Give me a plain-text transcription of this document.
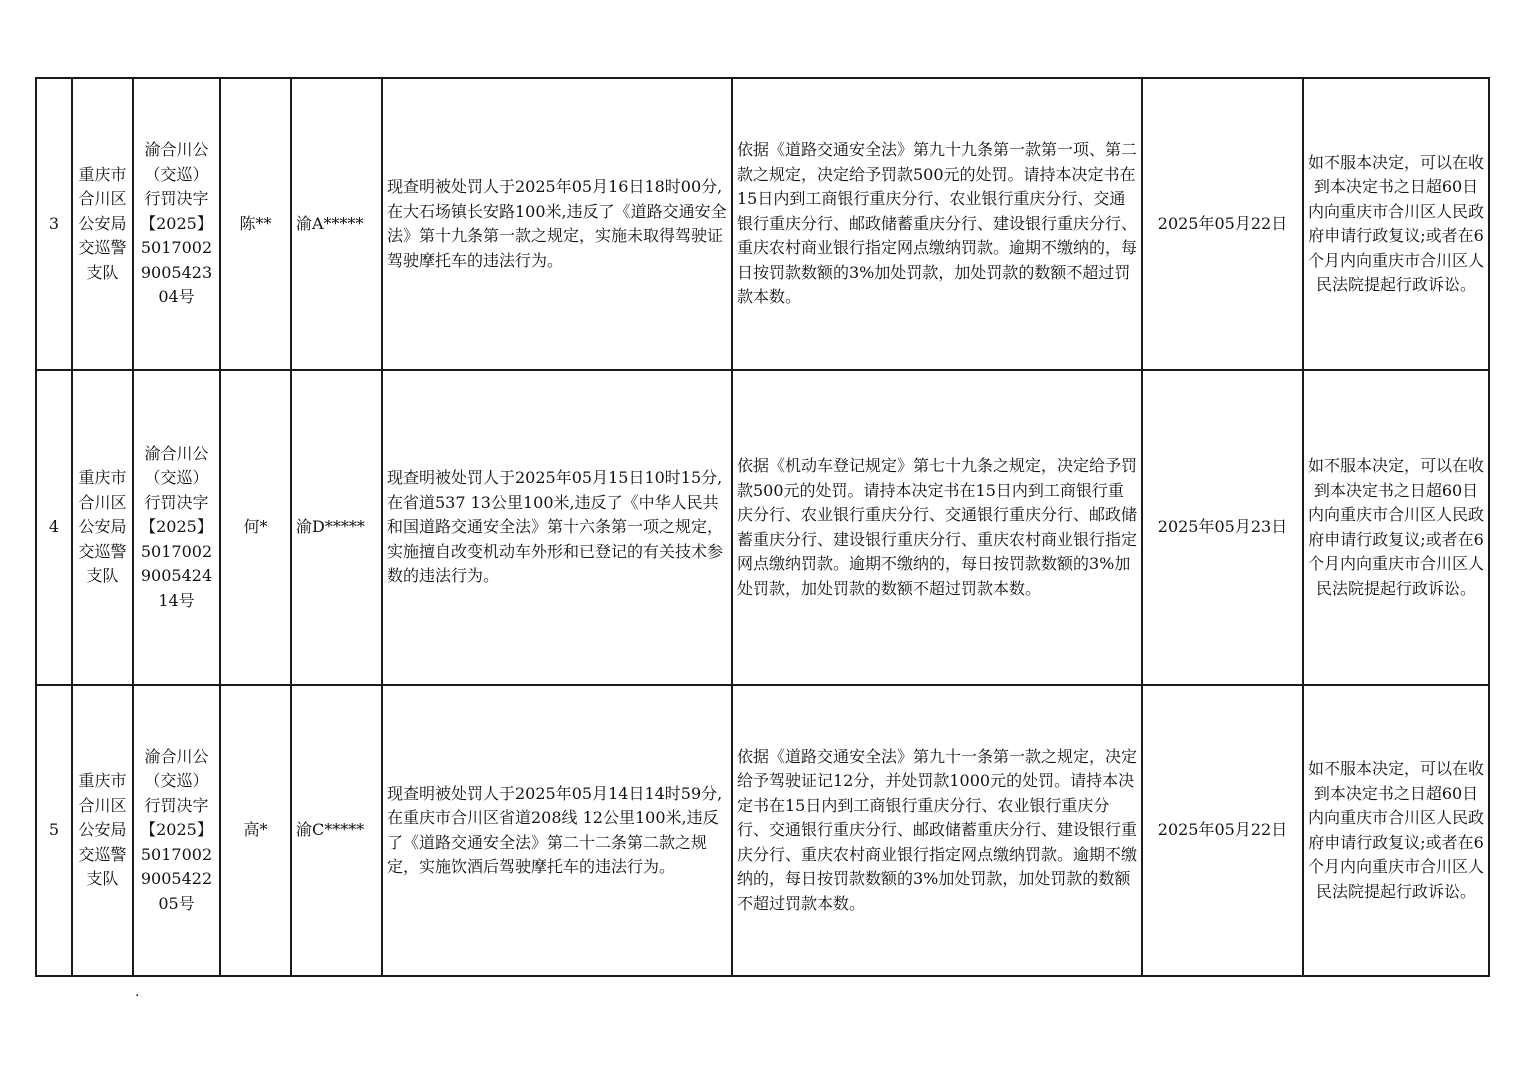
3	重庆市合川区公安局交巡警支队	渝合川公（交巡）行罚决字【2025】5017002900542304号	陈**	渝A*****	现查明被处罚人于2025年05月16日18时00分,在大石场镇长安路100米,违反了《道路交通安全法》第十九条第一款之规定，实施未取得驾驶证驾驶摩托车的违法行为。	依据《道路交通安全法》第九十九条第一款第一项、第二款之规定，决定给予罚款500元的处罚。请持本决定书在15日内到工商银行重庆分行、农业银行重庆分行、交通银行重庆分行、邮政储蓄重庆分行、建设银行重庆分行、重庆农村商业银行指定网点缴纳罚款。逾期不缴纳的，每日按罚款数额的3%加处罚款，加处罚款的数额不超过罚款本数。	2025年05月22日	如不服本决定，可以在收到本决定书之日超60日内向重庆市合川区人民政府申请行政复议;或者在6个月内向重庆市合川区人民法院提起行政诉讼。
4	重庆市合川区公安局交巡警支队	渝合川公（交巡）行罚决字【2025】5017002900542414号	何*	渝D*****	现查明被处罚人于2025年05月15日10时15分,在省道537 13公里100米,违反了《中华人民共和国道路交通安全法》第十六条第一项之规定，实施擅自改变机动车外形和已登记的有关技术参数的违法行为。	依据《机动车登记规定》第七十九条之规定，决定给予罚款500元的处罚。请持本决定书在15日内到工商银行重庆分行、农业银行重庆分行、交通银行重庆分行、邮政储蓄重庆分行、建设银行重庆分行、重庆农村商业银行指定网点缴纳罚款。逾期不缴纳的，每日按罚款数额的3%加处罚款，加处罚款的数额不超过罚款本数。	2025年05月23日	如不服本决定，可以在收到本决定书之日超60日内向重庆市合川区人民政府申请行政复议;或者在6个月内向重庆市合川区人民法院提起行政诉讼。
5	重庆市合川区公安局交巡警支队	渝合川公（交巡）行罚决字【2025】5017002900542205号	高*	渝C*****	现查明被处罚人于2025年05月14日14时59分,在重庆市合川区省道208线 12公里100米,违反了《道路交通安全法》第二十二条第二款之规定，实施饮酒后驾驶摩托车的违法行为。	依据《道路交通安全法》第九十一条第一款之规定，决定给予驾驶证记12分，并处罚款1000元的处罚。请持本决定书在15日内到工商银行重庆分行、农业银行重庆分行、交通银行重庆分行、邮政储蓄重庆分行、建设银行重庆分行、重庆农村商业银行指定网点缴纳罚款。逾期不缴纳的，每日按罚款数额的3%加处罚款，加处罚款的数额不超过罚款本数。	2025年05月22日	如不服本决定，可以在收到本决定书之日超60日内向重庆市合川区人民政府申请行政复议;或者在6个月内向重庆市合川区人民法院提起行政诉讼。
.
